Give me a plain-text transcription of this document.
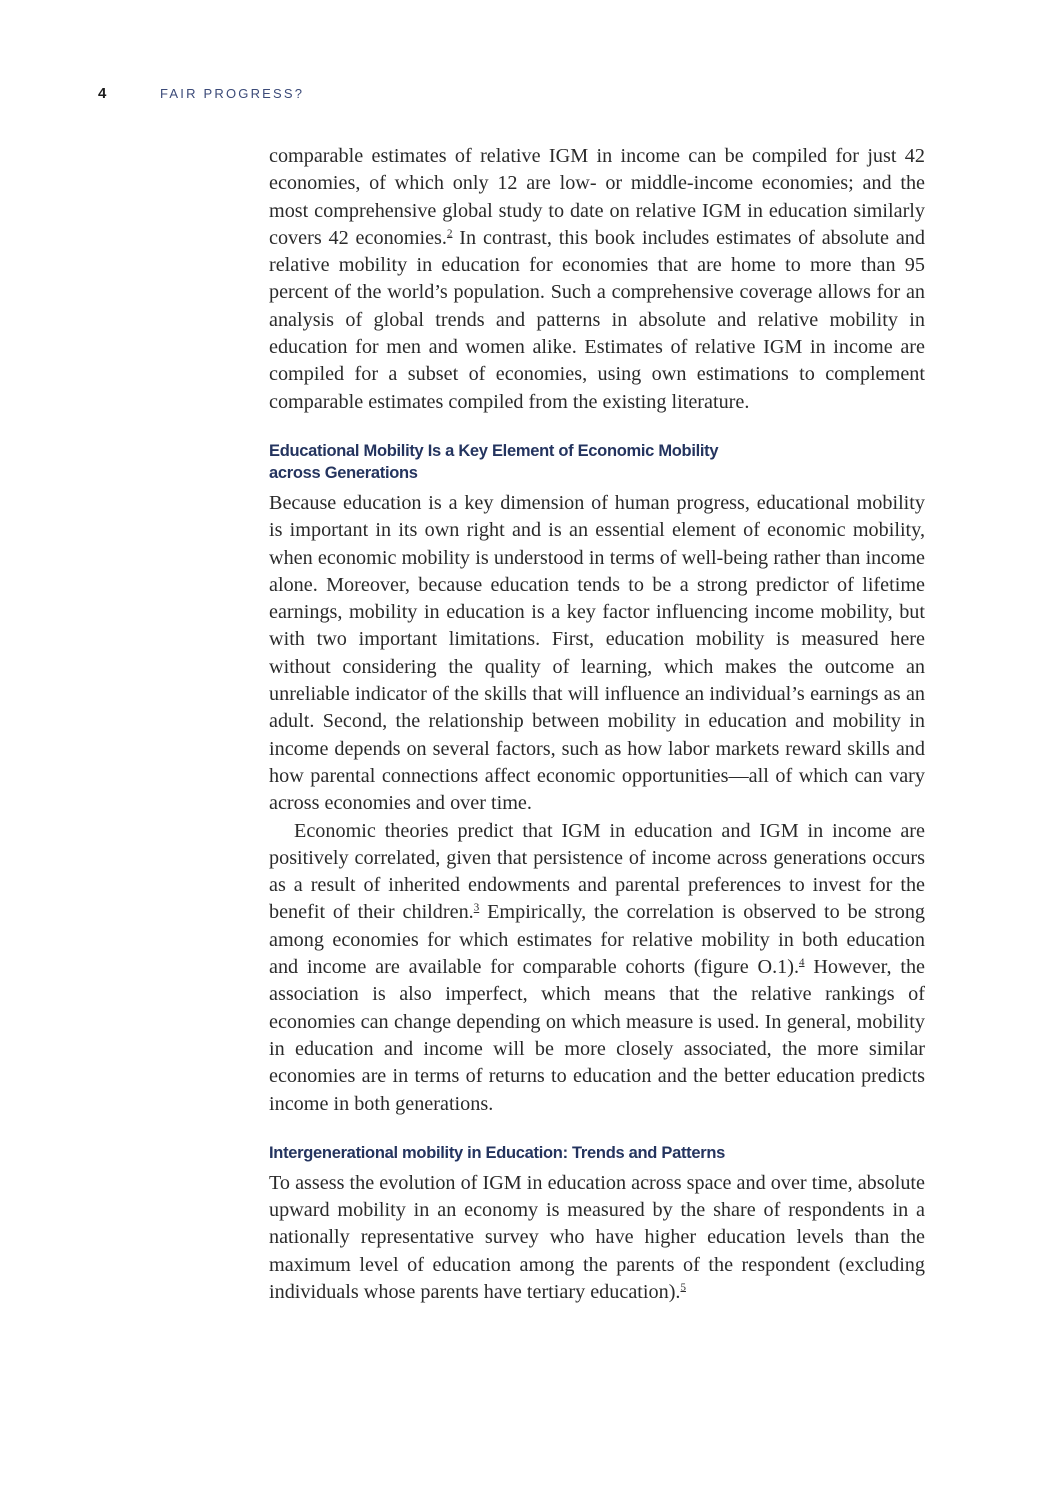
4	FAIR PROGRESS?

comparable estimates of relative IGM in income can be compiled for just 42 economies, of which only 12 are low- or middle-income economies; and the most comprehensive global study to date on relative IGM in education similarly covers 42 economies.$^2$ In contrast, this book includes estimates of absolute and relative mobility in education for economies that are home to more than 95 percent of the world’s population. Such a comprehensive coverage allows for an analysis of global trends and patterns in absolute and relative mobility in education for men and women alike. Estimates of relative IGM in income are compiled for a subset of economies, using own estimations to complement comparable estimates compiled from the existing literature.

Educational Mobility Is a Key Element of Economic Mobility
across Generations

Because education is a key dimension of human progress, educational mobility is important in its own right and is an essential element of economic mobility, when economic mobility is understood in terms of well-being rather than income alone. Moreover, because education tends to be a strong predictor of lifetime earnings, mobility in education is a key factor influencing income mobility, but with two important limitations. First, education mobility is measured here without considering the quality of learning, which makes the outcome an unreliable indicator of the skills that will influence an individual’s earnings as an adult. Second, the relationship between mobility in education and mobility in income depends on several factors, such as how labor markets reward skills and how parental connections affect economic opportunities—all of which can vary across economies and over time.

Economic theories predict that IGM in education and IGM in income are positively correlated, given that persistence of income across generations occurs as a result of inherited endowments and parental preferences to invest for the benefit of their children.$^3$ Empirically, the correlation is observed to be strong among economies for which estimates for relative mobility in both education and income are available for comparable cohorts (figure O.1).$^4$ However, the association is also imperfect, which means that the relative rankings of economies can change depending on which measure is used. In general, mobility in education and income will be more closely associated, the more similar economies are in terms of returns to education and the better education predicts income in both generations.

Intergenerational mobility in Education: Trends and Patterns

To assess the evolution of IGM in education across space and over time, absolute upward mobility in an economy is measured by the share of respondents in a nationally representative survey who have higher education levels than the maximum level of education among the parents of the respondent (excluding individuals whose parents have tertiary education).$^5$
